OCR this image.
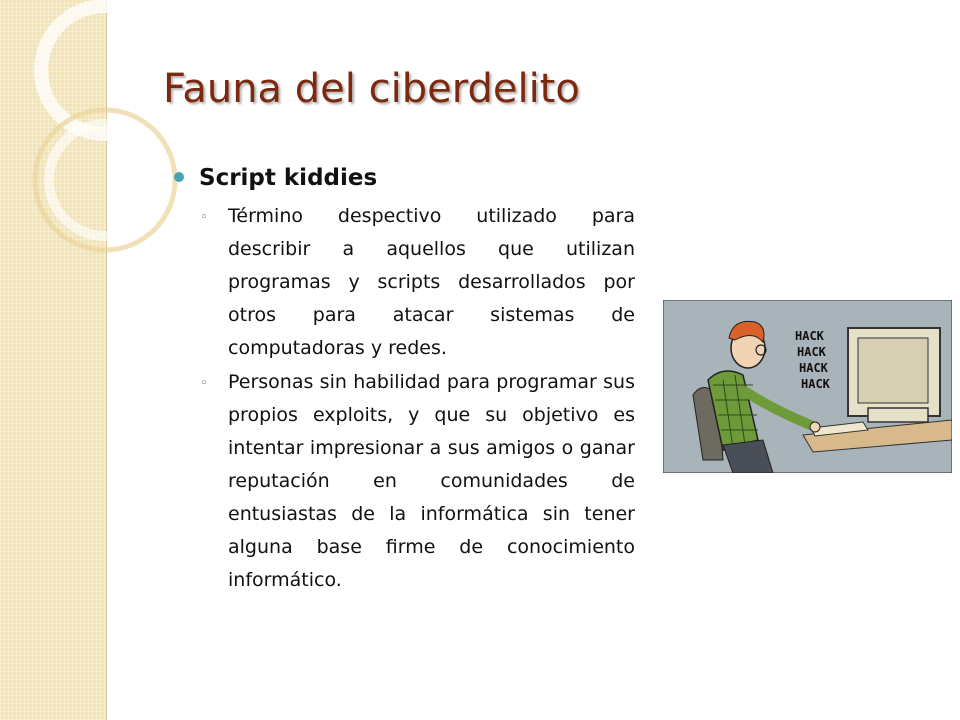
Fauna del ciberdelito
Script kiddies
◦ Término despectivo utilizado para describir a aquellos que utilizan programas y scripts desarrollados por otros para atacar sistemas de computadoras y redes.
◦ Personas sin habilidad para programar sus propios exploits, y que su objetivo es intentar impresionar a sus amigos o ganar reputación en comunidades de entusiastas de la informática sin tener alguna base firme de conocimiento informático.
HACK
HACK
HACK
HACK
